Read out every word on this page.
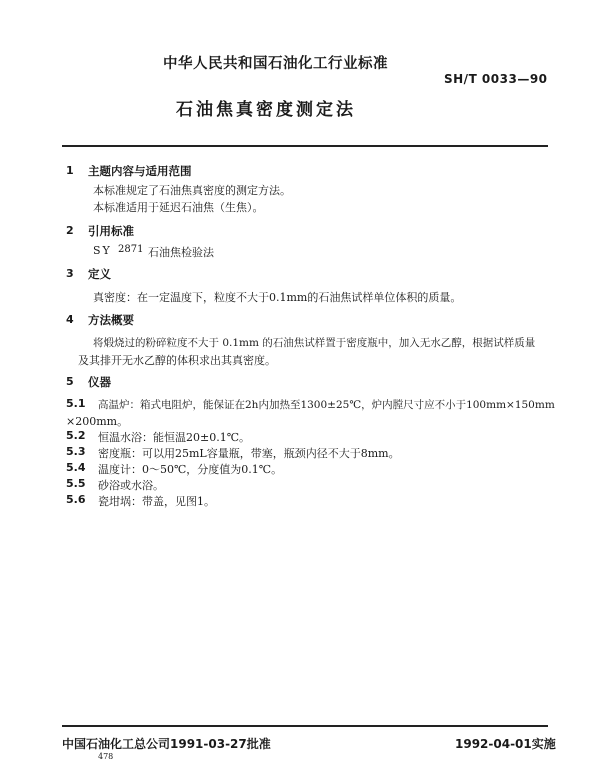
中华人民共和国石油化工行业标准
SH/T 0033—90
石油焦真密度测定法
1 主题内容与适用范围
本标准规定了石油焦真密度的测定方法。
本标准适用于延迟石油焦（生焦）。
2 引用标准
SY 2871 石油焦检验法
3 定义
真密度：在一定温度下，粒度不大于0.1mm的石油焦试样单位体积的质量。
4 方法概要
将煅烧过的粉碎粒度不大于 0.1mm 的石油焦试样置于密度瓶中，加入无水乙醇，根据试样质量
及其排开无水乙醇的体积求出其真密度。
5 仪器
5.1 高温炉：箱式电阻炉，能保证在2h内加热至1300±25℃，炉内膛尺寸应不小于100mm×150mm
×200mm。
5.2 恒温水浴：能恒温20±0.1℃。
5.3 密度瓶：可以用25mL容量瓶，带塞，瓶颈内径不大于8mm。
5.4 温度计：0～50℃，分度值为0.1℃。
5.5 砂浴或水浴。
5.6 瓷坩埚：带盖，见图1。
中国石油化工总公司1991-03-27批准	1992-04-01实施
478
